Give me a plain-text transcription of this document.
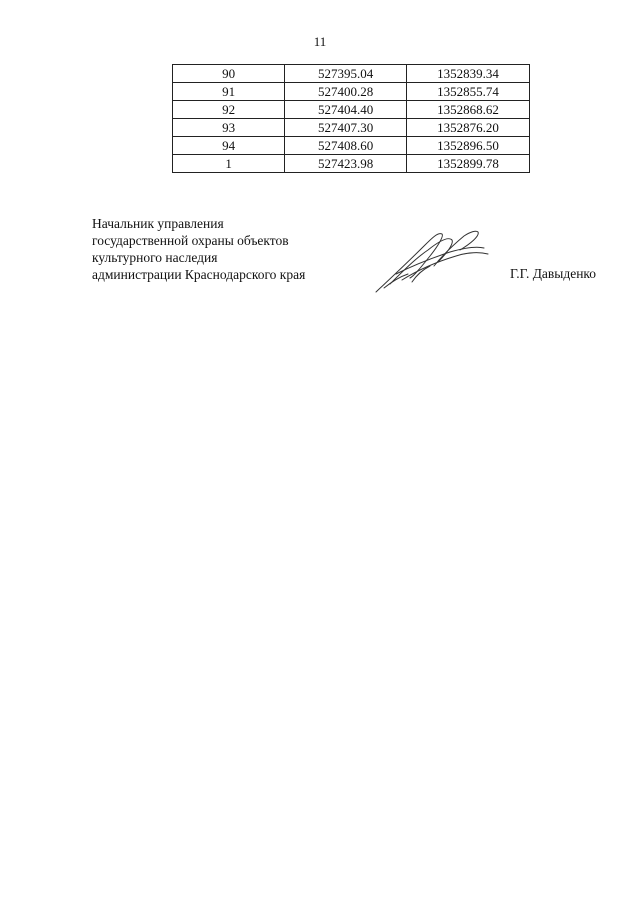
11
90	527395.04	1352839.34
91	527400.28	1352855.74
92	527404.40	1352868.62
93	527407.30	1352876.20
94	527408.60	1352896.50
1	527423.98	1352899.78
Начальник управления
государственной охраны объектов
культурного наследия
администрации Краснодарского края	Г.Г. Давыденко
